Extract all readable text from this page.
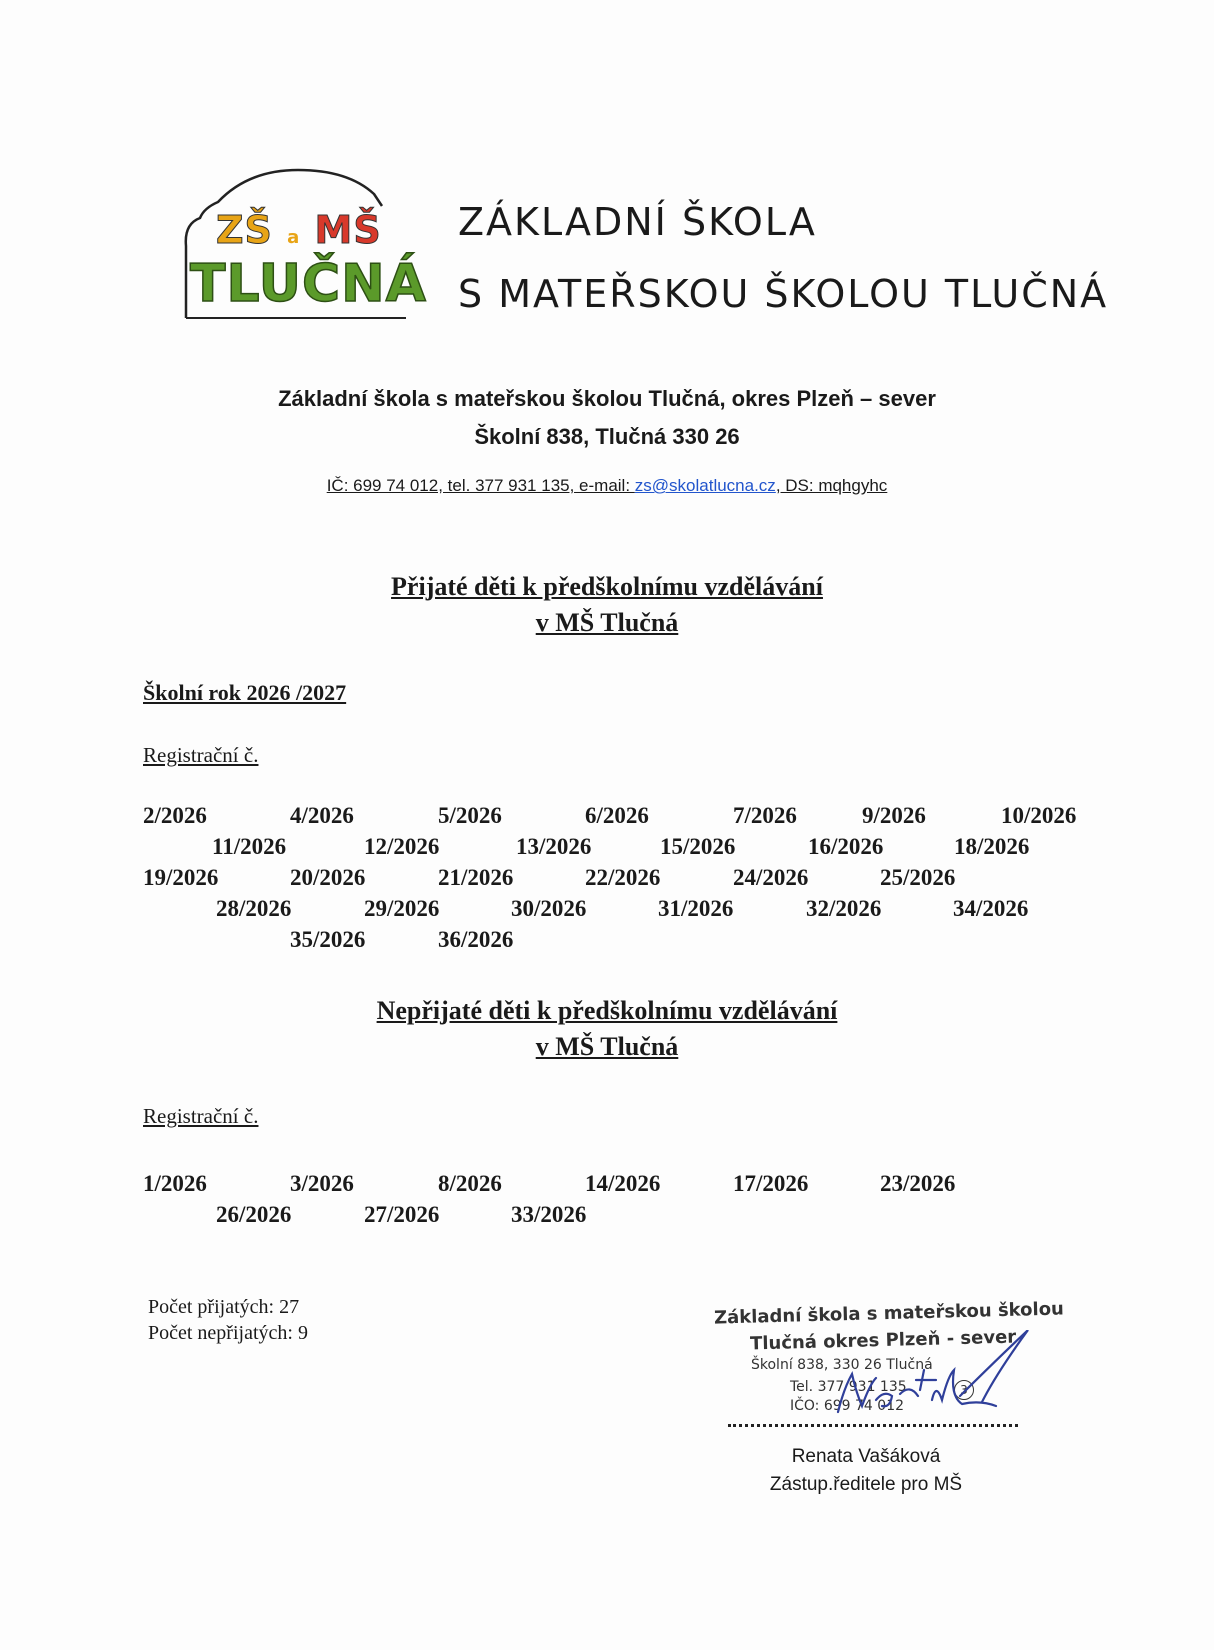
ZŠ a MŠ
TLUČNÁ
ZÁKLADNÍ ŠKOLA
S MATEŘSKOU ŠKOLOU TLUČNÁ
Základní škola s mateřskou školou Tlučná, okres Plzeň – sever
Školní 838, Tlučná 330 26
IČ: 699 74 012, tel. 377 931 135, e-mail: zs@skolatlucna.cz, DS: mqhgyhc
Přijaté děti k předškolnímu vzdělávání
v MŠ Tlučná
Školní rok 2026 /2027
Registrační č.
2/2026	4/2026	5/2026	6/2026	7/2026	9/2026	10/2026
11/2026	12/2026	13/2026	15/2026	16/2026	18/2026
19/2026	20/2026	21/2026	22/2026	24/2026	25/2026
28/2026	29/2026	30/2026	31/2026	32/2026	34/2026
35/2026	36/2026
Nepřijaté děti k předškolnímu vzdělávání
v MŠ Tlučná
Registrační č.
1/2026	3/2026	8/2026	14/2026	17/2026	23/2026
26/2026	27/2026	33/2026
Počet přijatých: 27
Počet nepřijatých: 9
Základní škola s mateřskou školou
Tlučná okres Plzeň - sever
Školní 838, 330 26 Tlučná
Tel. 377 931 135
IČO: 699 74 012
3
Renata Vašáková
Zástup.ředitele pro MŠ
